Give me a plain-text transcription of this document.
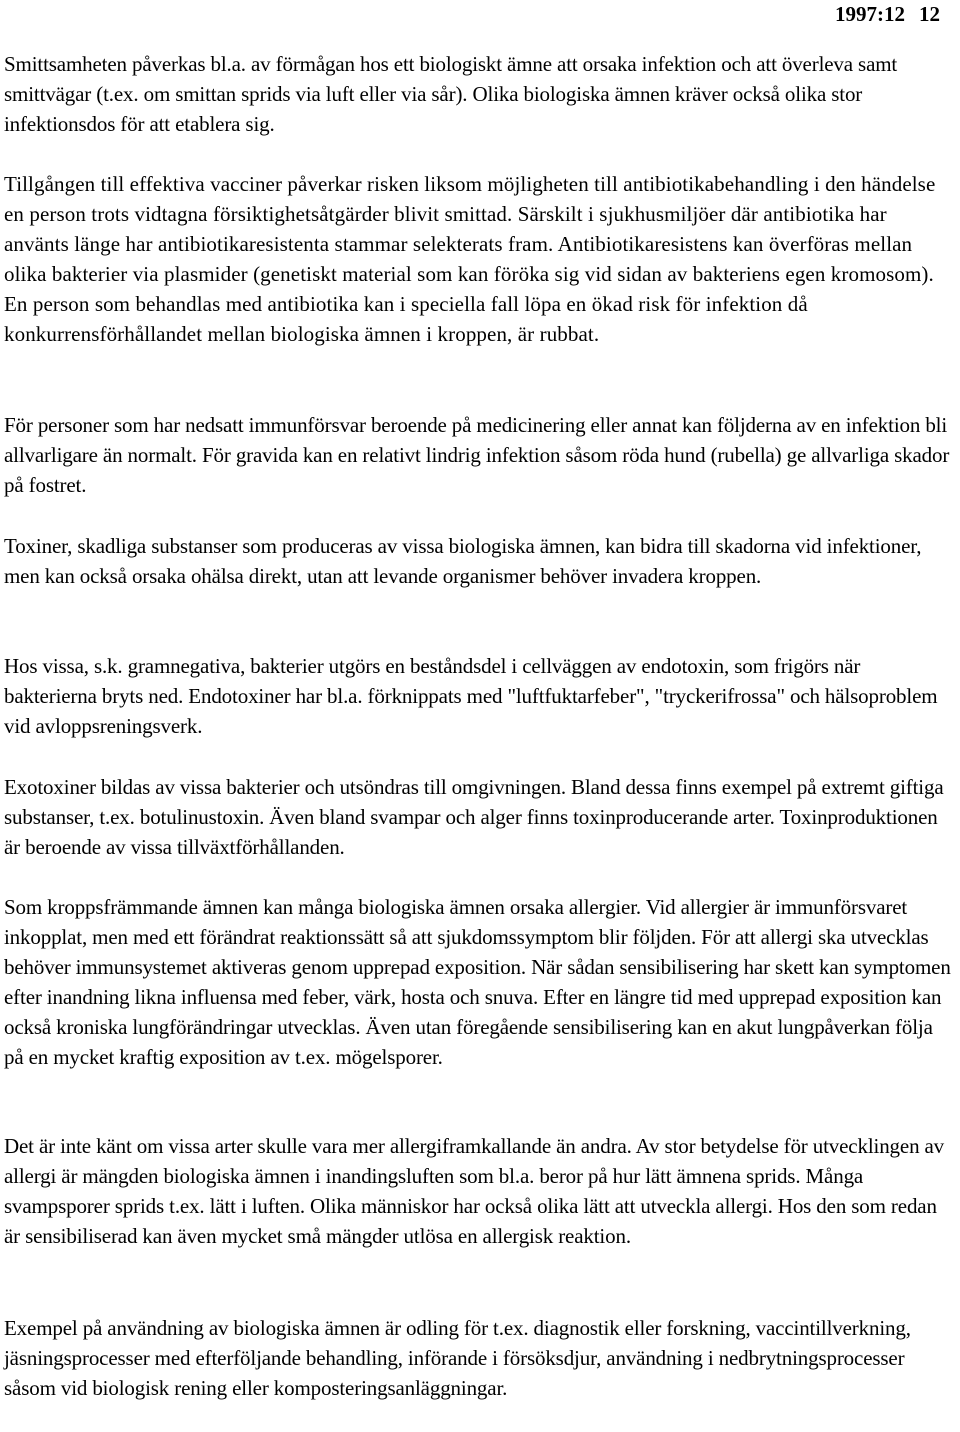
1997:12 12

Smittsamheten påverkas bl.a. av förmågan hos ett biologiskt ämne att orsaka infektion och att överleva samt smittvägar (t.ex. om smittan sprids via luft eller via sår). Olika biologiska ämnen kräver också olika stor infektionsdos för att etablera sig.

Tillgången till effektiva vacciner påverkar risken liksom möjligheten till antibiotikabehandling i den händelse en person trots vidtagna försiktighetsåtgärder blivit smittad. Särskilt i sjukhusmiljöer där antibiotika har använts länge har antibiotikaresistenta stammar selekterats fram. Antibiotikaresistens kan överföras mellan olika bakterier via plasmider (genetiskt material som kan föröka sig vid sidan av bakteriens egen kromosom). En person som behandlas med antibiotika kan i speciella fall löpa en ökad risk för infektion då konkurrensförhållandet mellan biologiska ämnen i kroppen, är rubbat.

För personer som har nedsatt immunförsvar beroende på medicinering eller annat kan följderna av en infektion bli allvarligare än normalt. För gravida kan en relativt lindrig infektion såsom röda hund (rubella) ge allvarliga skador på fostret.

Toxiner, skadliga substanser som produceras av vissa biologiska ämnen, kan bidra till skadorna vid infektioner, men kan också orsaka ohälsa direkt, utan att levande organismer behöver invadera kroppen.

Hos vissa, s.k. gramnegativa, bakterier utgörs en beståndsdel i cellväggen av endotoxin, som frigörs när bakterierna bryts ned. Endotoxiner har bl.a. förknippats med "luftfuktarfeber", "tryckerifrossa" och hälsoproblem vid avloppsreningsverk.

Exotoxiner bildas av vissa bakterier och utsöndras till omgivningen. Bland dessa finns exempel på extremt giftiga substanser, t.ex. botulinustoxin. Även bland svampar och alger finns toxinproducerande arter. Toxinproduktionen är beroende av vissa tillväxtförhållanden.

Som kroppsfrämmande ämnen kan många biologiska ämnen orsaka allergier. Vid allergier är immunförsvaret inkopplat, men med ett förändrat reaktionssätt så att sjukdomssymptom blir följden. För att allergi ska utvecklas behöver immunsystemet aktiveras genom upprepad exposition. När sådan sensibilisering har skett kan symptomen efter inandning likna influensa med feber, värk, hosta och snuva. Efter en längre tid med upprepad exposition kan också kroniska lungförändringar utvecklas. Även utan föregående sensibilisering kan en akut lungpåverkan följa på en mycket kraftig exposition av t.ex. mögelsporer.

Det är inte känt om vissa arter skulle vara mer allergiframkallande än andra. Av stor betydelse för utvecklingen av allergi är mängden biologiska ämnen i inandingsluften som bl.a. beror på hur lätt ämnena sprids. Många svampsporer sprids t.ex. lätt i luften. Olika människor har också olika lätt att utveckla allergi. Hos den som redan är sensibiliserad kan även mycket små mängder utlösa en allergisk reaktion.

Exempel på användning av biologiska ämnen är odling för t.ex. diagnostik eller forskning, vaccintillverkning, jäsningsprocesser med efterföljande behandling, införande i försöksdjur, användning i nedbrytningsprocesser såsom vid biologisk rening eller komposteringsanläggningar.
